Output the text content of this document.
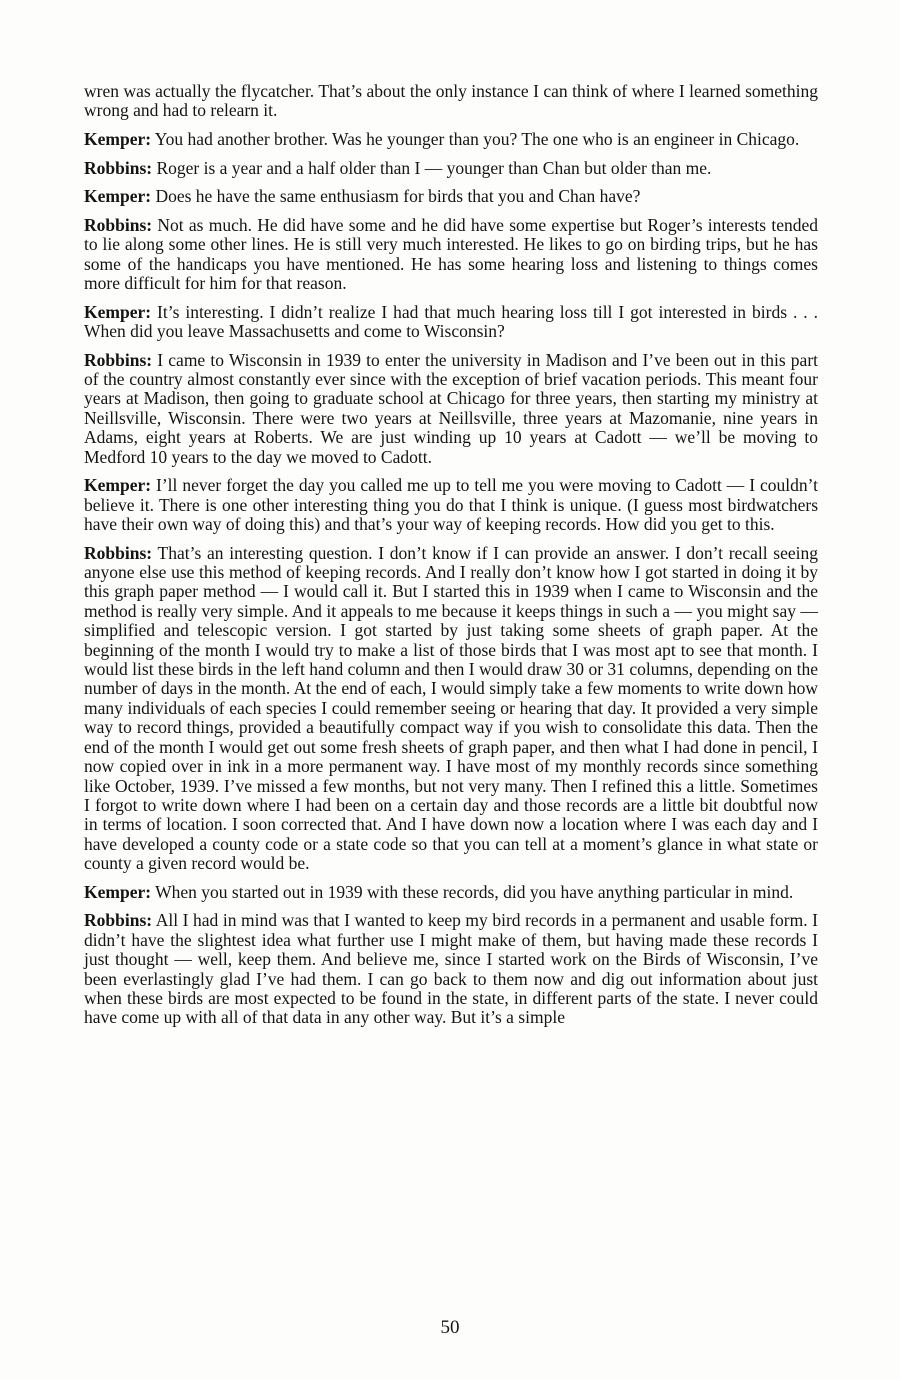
wren was actually the flycatcher. That’s about the only instance I can think of where I learned something wrong and had to relearn it.

Kemper: You had another brother. Was he younger than you? The one who is an engineer in Chicago.

Robbins: Roger is a year and a half older than I — younger than Chan but older than me.

Kemper: Does he have the same enthusiasm for birds that you and Chan have?

Robbins: Not as much. He did have some and he did have some expertise but Roger’s interests tended to lie along some other lines. He is still very much interested. He likes to go on birding trips, but he has some of the handicaps you have mentioned. He has some hearing loss and listening to things comes more difficult for him for that reason.

Kemper: It’s interesting. I didn’t realize I had that much hearing loss till I got interested in birds . . . When did you leave Massachusetts and come to Wisconsin?

Robbins: I came to Wisconsin in 1939 to enter the university in Madison and I’ve been out in this part of the country almost constantly ever since with the exception of brief vacation periods. This meant four years at Madison, then going to graduate school at Chicago for three years, then starting my ministry at Neillsville, Wisconsin. There were two years at Neillsville, three years at Mazomanie, nine years in Adams, eight years at Roberts. We are just winding up 10 years at Cadott — we’ll be moving to Medford 10 years to the day we moved to Cadott.

Kemper: I’ll never forget the day you called me up to tell me you were moving to Cadott — I couldn’t believe it. There is one other interesting thing you do that I think is unique. (I guess most birdwatchers have their own way of doing this) and that’s your way of keeping records. How did you get to this.

Robbins: That’s an interesting question. I don’t know if I can provide an answer. I don’t recall seeing anyone else use this method of keeping records. And I really don’t know how I got started in doing it by this graph paper method — I would call it. But I started this in 1939 when I came to Wisconsin and the method is really very simple. And it appeals to me because it keeps things in such a — you might say — simplified and telescopic version. I got started by just taking some sheets of graph paper. At the beginning of the month I would try to make a list of those birds that I was most apt to see that month. I would list these birds in the left hand column and then I would draw 30 or 31 columns, depending on the number of days in the month. At the end of each, I would simply take a few moments to write down how many individuals of each species I could remember seeing or hearing that day. It provided a very simple way to record things, provided a beautifully compact way if you wish to consolidate this data. Then the end of the month I would get out some fresh sheets of graph paper, and then what I had done in pencil, I now copied over in ink in a more permanent way. I have most of my monthly records since something like October, 1939. I’ve missed a few months, but not very many. Then I refined this a little. Sometimes I forgot to write down where I had been on a certain day and those records are a little bit doubtful now in terms of location. I soon corrected that. And I have down now a location where I was each day and I have developed a county code or a state code so that you can tell at a moment’s glance in what state or county a given record would be.

Kemper: When you started out in 1939 with these records, did you have anything particular in mind.

Robbins: All I had in mind was that I wanted to keep my bird records in a permanent and usable form. I didn’t have the slightest idea what further use I might make of them, but having made these records I just thought — well, keep them. And believe me, since I started work on the Birds of Wisconsin, I’ve been everlastingly glad I’ve had them. I can go back to them now and dig out information about just when these birds are most expected to be found in the state, in different parts of the state. I never could have come up with all of that data in any other way. But it’s a simple

50
